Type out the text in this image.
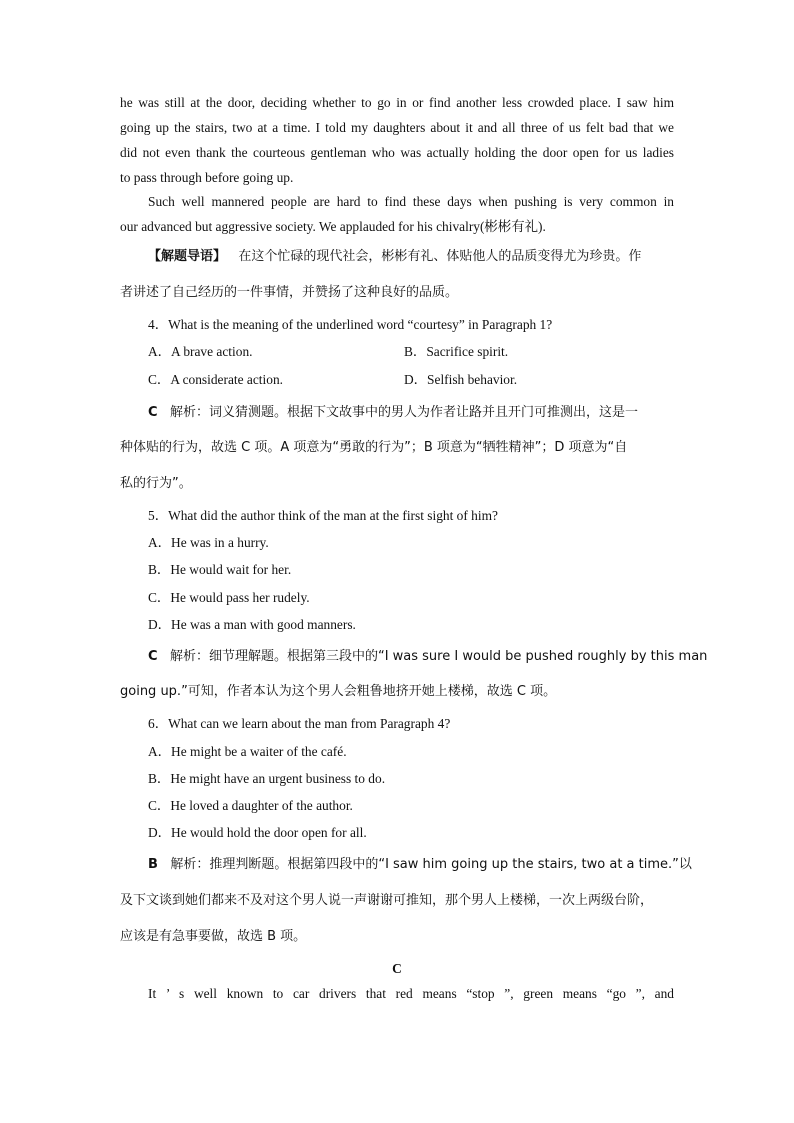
he was still at the door, deciding whether to go in or find another less crowded place. I saw him
going up the stairs, two at a time. I told my daughters about it and all three of us felt bad that we
did not even thank the courteous gentleman who was actually holding the door open for us ladies
to pass through before going up.
Such well mannered people are hard to find these days when pushing is very common in
our advanced but aggressive society. We applauded for his chivalry(彬彬有礼).
【解题导语】 在这个忙碌的现代社会，彬彬有礼、体贴他人的品质变得尤为珍贵。作
者讲述了自己经历的一件事情，并赞扬了这种良好的品质。
4．What is the meaning of the underlined word “courtesy” in Paragraph 1?
A．A brave action.	B．Sacrifice spirit.
C．A considerate action.	D．Selfish behavior.
C 解析：词义猜测题。根据下文故事中的男人为作者让路并且开门可推测出，这是一
种体贴的行为，故选 C 项。A 项意为“勇敢的行为”；B 项意为“牺牲精神”；D 项意为“自
私的行为”。
5．What did the author think of the man at the first sight of him?
A．He was in a hurry.
B．He would wait for her.
C．He would pass her rudely.
D．He was a man with good manners.
C 解析：细节理解题。根据第三段中的“I was sure I would be pushed roughly by this man
going up.”可知，作者本认为这个男人会粗鲁地挤开她上楼梯，故选 C 项。
6．What can we learn about the man from Paragraph 4?
A．He might be a waiter of the café.
B．He might have an urgent business to do.
C．He loved a daughter of the author.
D．He would hold the door open for all.
B 解析：推理判断题。根据第四段中的“I saw him going up the stairs, two at a time.”以
及下文谈到她们都来不及对这个男人说一声谢谢可推知，那个男人上楼梯，一次上两级台阶，
应该是有急事要做，故选 B 项。
C
It ’ s well known to car drivers that red means “stop ”, green means “go ”, and
